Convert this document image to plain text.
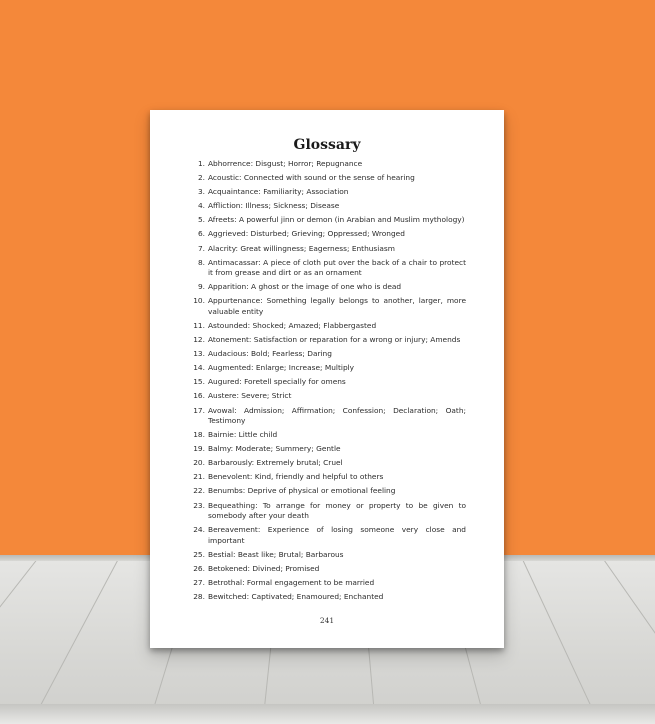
Glossary
1. Abhorrence: Disgust; Horror; Repugnance
2. Acoustic: Connected with sound or the sense of hearing
3. Acquaintance: Familiarity; Association
4. Affliction: Illness; Sickness; Disease
5. Afreets: A powerful jinn or demon (in Arabian and Muslim mythology)
6. Aggrieved: Disturbed; Grieving; Oppressed; Wronged
7. Alacrity: Great willingness; Eagerness; Enthusiasm
8. Antimacassar: A piece of cloth put over the back of a chair to protect it from grease and dirt or as an ornament
9. Apparition: A ghost or the image of one who is dead
10. Appurtenance: Something legally belongs to another, larger, more valuable entity
11. Astounded: Shocked; Amazed; Flabbergasted
12. Atonement: Satisfaction or reparation for a wrong or injury; Amends
13. Audacious: Bold; Fearless; Daring
14. Augmented: Enlarge; Increase; Multiply
15. Augured: Foretell specially for omens
16. Austere: Severe; Strict
17. Avowal: Admission; Affirmation; Confession; Declaration; Oath; Testimony
18. Bairnie: Little child
19. Balmy: Moderate; Summery; Gentle
20. Barbarously: Extremely brutal; Cruel
21. Benevolent: Kind, friendly and helpful to others
22. Benumbs: Deprive of physical or emotional feeling
23. Bequeathing: To arrange for money or property to be given to somebody after your death
24. Bereavement: Experience of losing someone very close and important
25. Bestial: Beast like; Brutal; Barbarous
26. Betokened: Divined; Promised
27. Betrothal: Formal engagement to be married
28. Bewitched: Captivated; Enamoured; Enchanted
241
